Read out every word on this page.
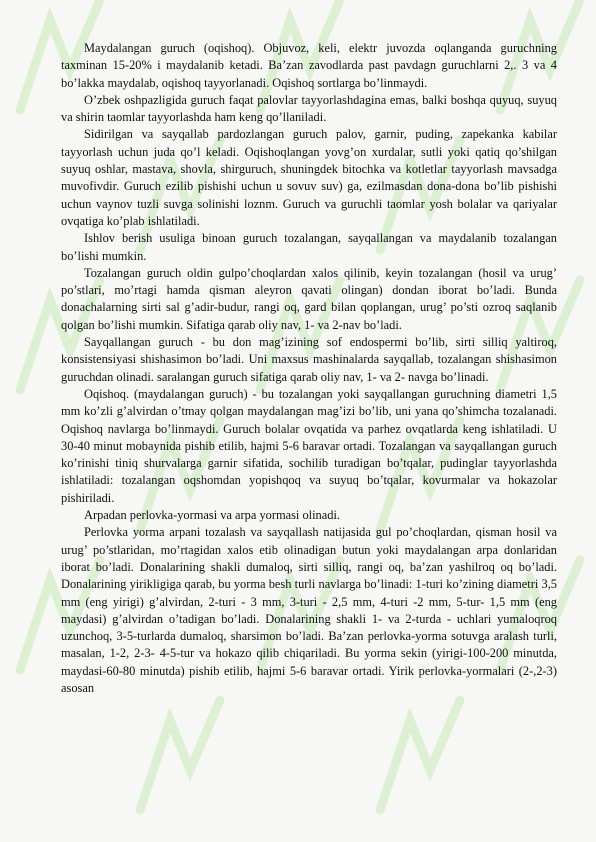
Maydalangan guruch (oqishoq). Objuvoz, keli, elektr juvozda oqlanganda guruchning taxminan 15-20% i maydalanib ketadi. Ba’zan zavodlarda past pavdagn guruchlarni 2,. 3 va 4 bo’lakka maydalab, oqishoq tayyorlanadi. Oqishoq sortlarga bo’linmaydi.

O’zbek oshpazligida guruch faqat palovlar tayyorlashdagina emas, balki boshqa quyuq, suyuq va shirin taomlar tayyorlashda ham keng qo’llaniladi.

Sidirilgan va sayqallab pardozlangan guruch palov, garnir, puding, zapekanka kabilar tayyorlash uchun juda qo’l keladi. Oqishoqlangan yovg’on xurdalar, sutli yoki qatiq qo’shilgan suyuq oshlar, mastava, shovla, shirguruch, shuningdek bitochka va kotletlar tayyorlash mavsadga muvofivdir. Guruch ezilib pishishi uchun u sovuv suv) ga, ezilmasdan dona-dona bo’lib pishishi uchun vaynov tuzli suvga solinishi loznm. Guruch va guruchli taomlar yosh bolalar va qariyalar ovqatiga ko’plab ishlatiladi.

Ishlov berish usuliga binoan guruch tozalangan, sayqallangan va maydalanib tozalangan bo’lishi mumkin.

Tozalangan guruch oldin gulpo’choqlardan xalos qilinib, keyin tozalangan (hosil va urug’ po’stlari, mo’rtagi hamda qisman aleyron qavati olingan) dondan iborat bo’ladi. Bunda donachalarning sirti sal g’adir-budur, rangi oq, gard bilan qoplangan, urug’ po’sti ozroq saqlanib qolgan bo’lishi mumkin. Sifatiga qarab oliy nav, 1- va 2-nav bo’ladi.

Sayqallangan guruch - bu don mag’izining sof endospermi bo’lib, sirti silliq yaltiroq, konsistensiyasi shishasimon bo’ladi. Uni maxsus mashinalarda sayqallab, tozalangan shishasimon guruchdan olinadi. saralangan guruch sifatiga qarab oliy nav, 1- va 2- navga bo’linadi.

Oqishoq. (maydalangan guruch) - bu tozalangan yoki sayqallangan guruchning diametri 1,5 mm ko’zli g’alvirdan o’tmay qolgan maydalangan mag’izi bo’lib, uni yana qo’shimcha tozalanadi. Oqishoq navlarga bo’linmaydi. Guruch bolalar ovqatida va parhez ovqatlarda keng ishlatiladi. U 30-40 minut mobaynida pishib etilib, hajmi 5-6 baravar ortadi. Tozalangan va sayqallangan guruch ko’rinishi tiniq shurvalarga garnir sifatida, sochilib turadigan bo’tqalar, pudinglar tayyorlashda ishlatiladi: tozalangan oqshomdan yopishqoq va suyuq bo’tqalar, kovurmalar va hokazolar pishiriladi.

Arpadan perlovka-yormasi va arpa yormasi olinadi.

Perlovka yorma arpani tozalash va sayqallash natijasida gul po’choqlardan, qisman hosil va urug’ po’stlaridan, mo’rtagidan xalos etib olinadigan butun yoki maydalangan arpa donlaridan iborat bo’ladi. Donalarining shakli dumaloq, sirti silliq, rangi oq, ba’zan yashilroq oq bo’ladi. Donalarining yirikligiga qarab, bu yorma besh turli navlarga bo’linadi: 1-turi ko’zining diametri 3,5 mm (eng yirigi) g’alvirdan, 2-turi - 3 mm, 3-turi - 2,5 mm, 4-turi -2 mm, 5-tur- 1,5 mm (eng maydasi) g’alvirdan o’tadigan bo’ladi. Donalarining shakli 1- va 2-turda - uchlari yumaloqroq uzunchoq, 3-5-turlarda dumaloq, sharsimon bo’ladi. Ba’zan perlovka-yorma sotuvga aralash turli, masalan, 1-2, 2-3- 4-5-tur va hokazo qilib chiqariladi. Bu yorma sekin (yirigi-100-200 minutda, maydasi-60-80 minutda) pishib etilib, hajmi 5-6 baravar ortadi. Yirik perlovka-yormalari (2-,2-3) asosan
